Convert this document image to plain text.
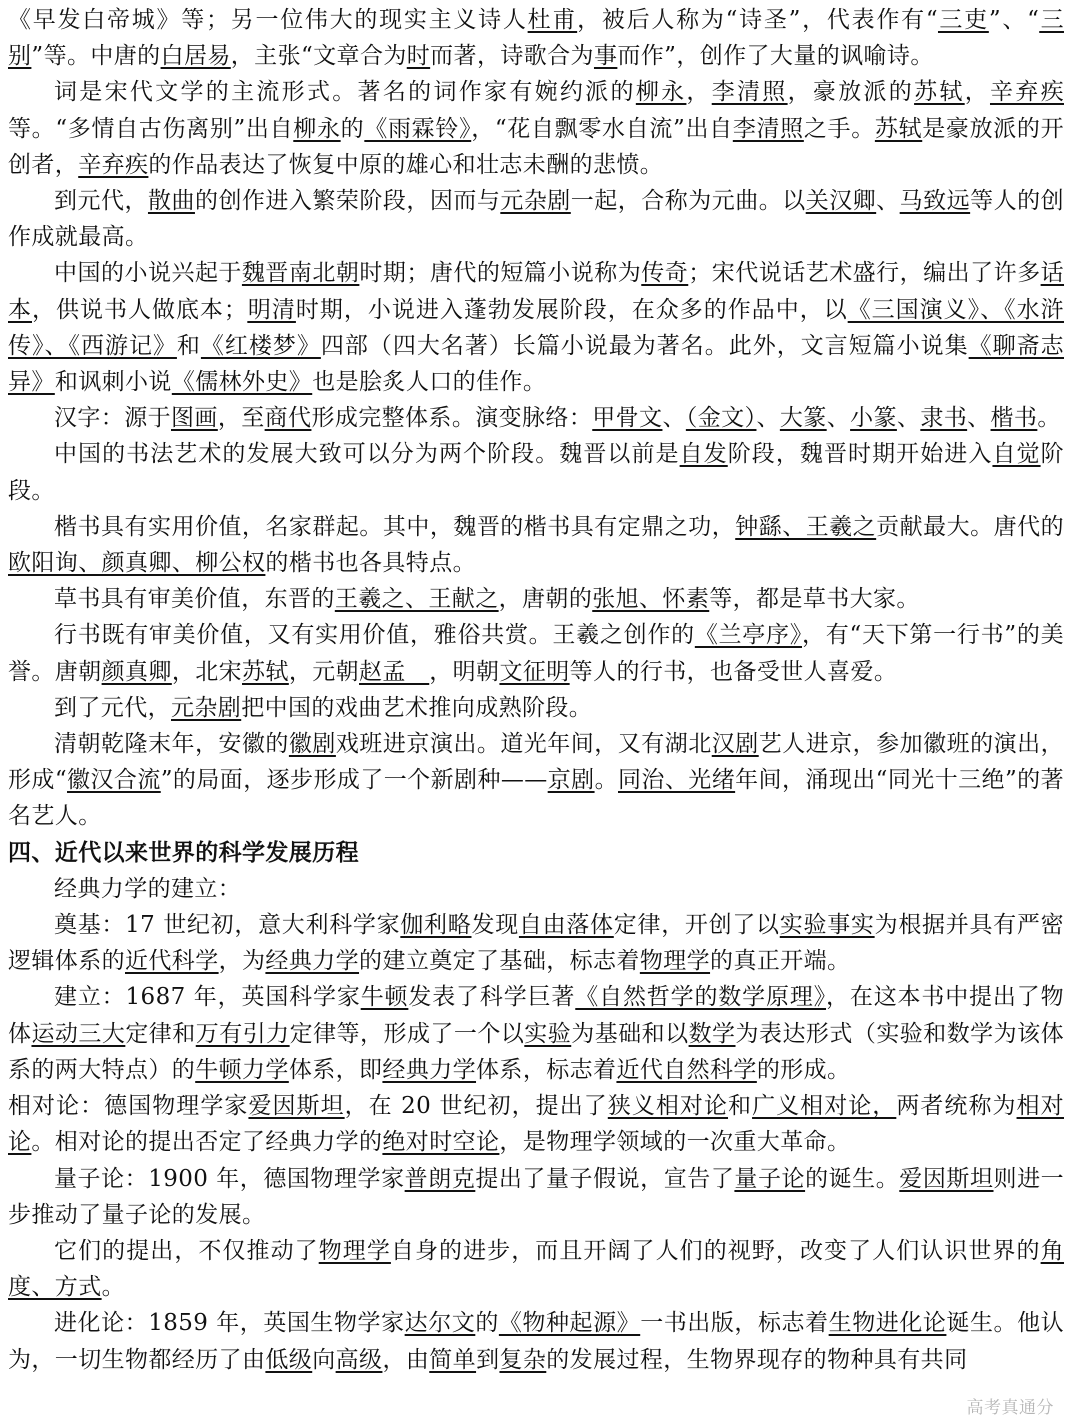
《早发白帝城》等；另一位伟大的现实主义诗人杜甫，被后人称为“诗圣”，代表作有“三吏”、“三别”等。中唐的白居易，主张“文章合为时而著，诗歌合为事而作”，创作了大量的讽喻诗。

词是宋代文学的主流形式。著名的词作家有婉约派的柳永，李清照，豪放派的苏轼，辛弃疾等。“多情自古伤离别”出自柳永的《雨霖铃》，“花自飘零水自流”出自李清照之手。苏轼是豪放派的开创者，辛弃疾的作品表达了恢复中原的雄心和壮志未酬的悲愤。

到元代，散曲的创作进入繁荣阶段，因而与元杂剧一起，合称为元曲。以关汉卿、马致远等人的创作成就最高。

中国的小说兴起于魏晋南北朝时期；唐代的短篇小说称为传奇；宋代说话艺术盛行，编出了许多话本，供说书人做底本；明清时期，小说进入蓬勃发展阶段，在众多的作品中，以《三国演义》、《水浒传》、《西游记》和《红楼梦》四部（四大名著）长篇小说最为著名。此外，文言短篇小说集《聊斋志异》和讽刺小说《儒林外史》也是脍炙人口的佳作。

汉字：源于图画，至商代形成完整体系。演变脉络：甲骨文、（金文）、大篆、小篆、隶书、楷书。

中国的书法艺术的发展大致可以分为两个阶段。魏晋以前是自发阶段，魏晋时期开始进入自觉阶段。

楷书具有实用价值，名家群起。其中，魏晋的楷书具有定鼎之功，钟繇、王羲之贡献最大。唐代的欧阳询、颜真卿、柳公权的楷书也各具特点。

草书具有审美价值，东晋的王羲之、王献之，唐朝的张旭、怀素等，都是草书大家。

行书既有审美价值，又有实用价值，雅俗共赏。王羲之创作的《兰亭序》，有“天下第一行书”的美誉。唐朝颜真卿，北宋苏轼，元朝赵孟　，明朝文征明等人的行书，也备受世人喜爱。

到了元代，元杂剧把中国的戏曲艺术推向成熟阶段。

清朝乾隆末年，安徽的徽剧戏班进京演出。道光年间，又有湖北汉剧艺人进京，参加徽班的演出，形成“徽汉合流”的局面，逐步形成了一个新剧种——京剧。同治、光绪年间，涌现出“同光十三绝”的著名艺人。

四、近代以来世界的科学发展历程

经典力学的建立：

奠基：17 世纪初，意大利科学家伽利略发现自由落体定律，开创了以实验事实为根据并具有严密逻辑体系的近代科学，为经典力学的建立奠定了基础，标志着物理学的真正开端。

建立：1687 年，英国科学家牛顿发表了科学巨著《自然哲学的数学原理》，在这本书中提出了物体运动三大定律和万有引力定律等，形成了一个以实验为基础和以数学为表达形式（实验和数学为该体系的两大特点）的牛顿力学体系，即经典力学体系，标志着近代自然科学的形成。

相对论：德国物理学家爱因斯坦，在 20 世纪初，提出了狭义相对论和广义相对论，两者统称为相对论。相对论的提出否定了经典力学的绝对时空论，是物理学领域的一次重大革命。

量子论：1900 年，德国物理学家普朗克提出了量子假说，宣告了量子论的诞生。爱因斯坦则进一步推动了量子论的发展。

它们的提出，不仅推动了物理学自身的进步，而且开阔了人们的视野，改变了人们认识世界的角度、方式。

进化论：1859 年，英国生物学家达尔文的《物种起源》一书出版，标志着生物进化论诞生。他认为，一切生物都经历了由低级向高级，由简单到复杂的发展过程，生物界现存的物种具有共同

高考真通分
